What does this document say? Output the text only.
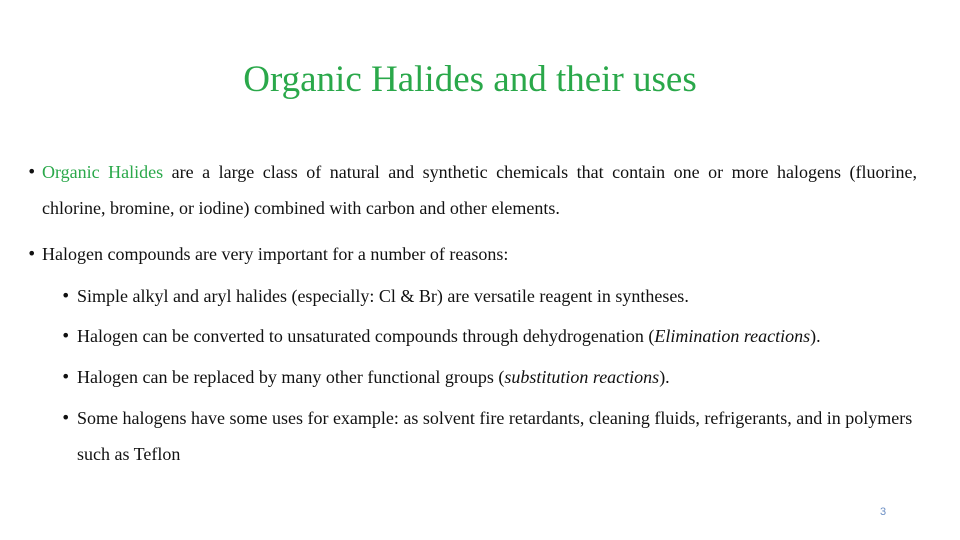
Organic Halides and their uses
• Organic Halides are a large class of natural and synthetic chemicals that contain one or more halogens (fluorine, chlorine, bromine, or iodine) combined with carbon and other elements.
• Halogen compounds are very important for a number of reasons:
• Simple alkyl and aryl halides (especially: Cl & Br) are versatile reagent in syntheses.
• Halogen can be converted to unsaturated compounds through dehydrogenation (Elimination reactions).
• Halogen can be replaced by many other functional groups (substitution reactions).
• Some halogens have some uses for example: as solvent fire retardants, cleaning fluids, refrigerants, and in polymers such as Teflon
3
